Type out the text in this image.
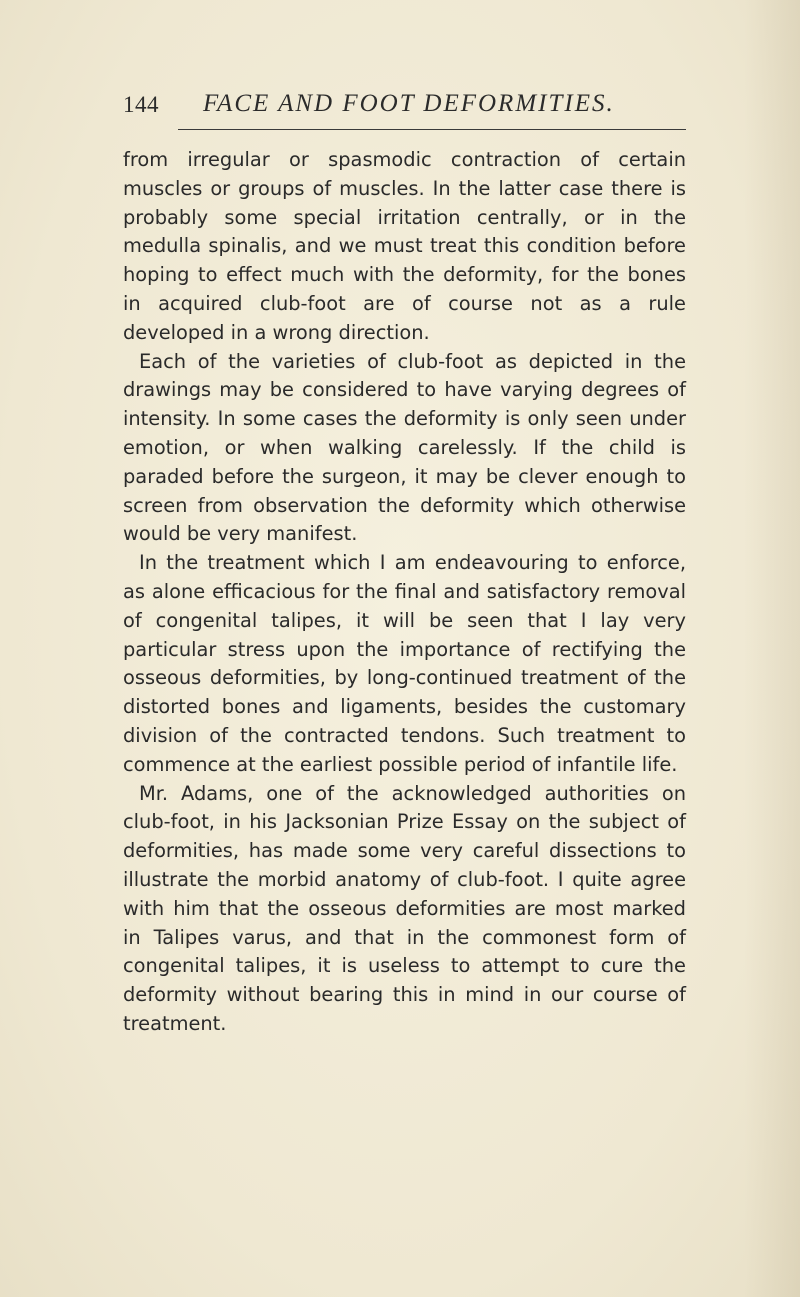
144 FACE AND FOOT DEFORMITIES.

from irregular or spasmodic contraction of certain muscles or groups of muscles. In the latter case there is probably some special irritation centrally, or in the medulla spinalis, and we must treat this condition before hoping to effect much with the deformity, for the bones in acquired club-foot are of course not as a rule developed in a wrong direction.

Each of the varieties of club-foot as depicted in the drawings may be considered to have varying degrees of intensity. In some cases the deformity is only seen under emotion, or when walking carelessly. If the child is paraded before the surgeon, it may be clever enough to screen from observation the deformity which otherwise would be very manifest.

In the treatment which I am endeavouring to enforce, as alone efficacious for the final and satisfactory removal of congenital talipes, it will be seen that I lay very particular stress upon the importance of rectifying the osseous deformities, by long-continued treatment of the distorted bones and ligaments, besides the customary division of the contracted tendons. Such treatment to commence at the earliest possible period of infantile life.

Mr. Adams, one of the acknowledged authorities on club-foot, in his Jacksonian Prize Essay on the subject of deformities, has made some very careful dissections to illustrate the morbid anatomy of club-foot. I quite agree with him that the osseous deformities are most marked in Talipes varus, and that in the commonest form of congenital talipes, it is useless to attempt to cure the deformity without bearing this in mind in our course of treatment.
